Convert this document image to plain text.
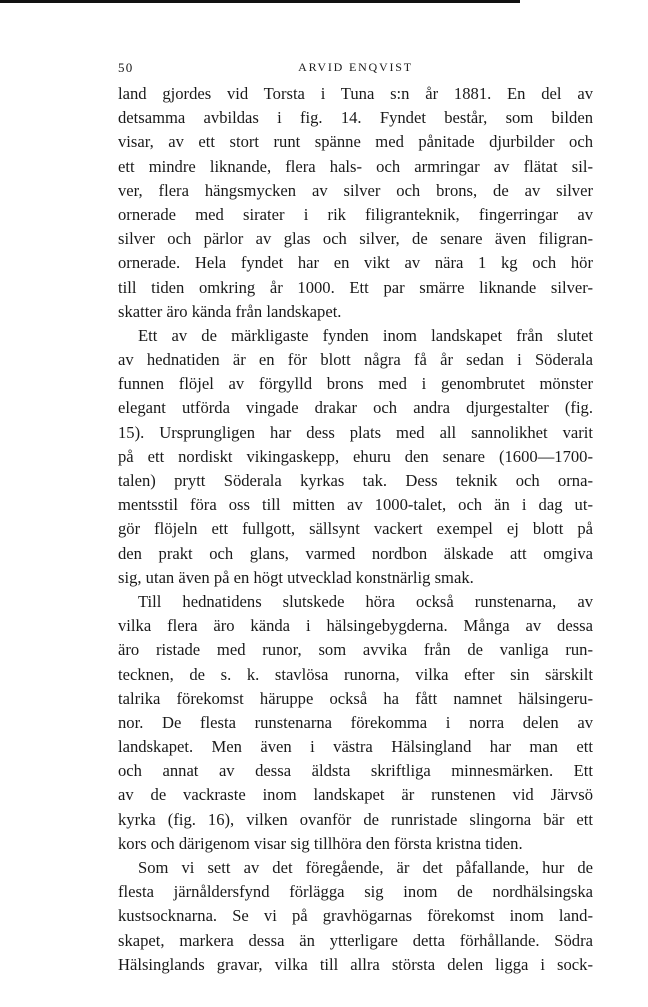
50	ARVID ENQVIST
land gjordes vid Torsta i Tuna s:n år 1881. En del av
detsamma avbildas i fig. 14. Fyndet består, som bilden
visar, av ett stort runt spänne med pånitade djurbilder och
ett mindre liknande, flera hals- och armringar av flätat sil-
ver, flera hängsmycken av silver och brons, de av silver
ornerade med sirater i rik filigranteknik, fingerringar av
silver och pärlor av glas och silver, de senare även filigran-
ornerade. Hela fyndet har en vikt av nära 1 kg och hör
till tiden omkring år 1000. Ett par smärre liknande silver-
skatter äro kända från landskapet.
Ett av de märkligaste fynden inom landskapet från slutet
av hednatiden är en för blott några få år sedan i Söderala
funnen flöjel av förgylld brons med i genombrutet mönster
elegant utförda vingade drakar och andra djurgestalter (fig.
15). Ursprungligen har dess plats med all sannolikhet varit
på ett nordiskt vikingaskepp, ehuru den senare (1600—1700-
talen) prytt Söderala kyrkas tak. Dess teknik och orna-
mentsstil föra oss till mitten av 1000-talet, och än i dag ut-
gör flöjeln ett fullgott, sällsynt vackert exempel ej blott på
den prakt och glans, varmed nordbon älskade att omgiva
sig, utan även på en högt utvecklad konstnärlig smak.
Till hednatidens slutskede höra också runstenarna, av
vilka flera äro kända i hälsingebygderna. Många av dessa
äro ristade med runor, som avvika från de vanliga run-
tecknen, de s. k. stavlösa runorna, vilka efter sin särskilt
talrika förekomst häruppe också ha fått namnet hälsingeru-
nor. De flesta runstenarna förekomma i norra delen av
landskapet. Men även i västra Hälsingland har man ett
och annat av dessa äldsta skriftliga minnesmärken. Ett
av de vackraste inom landskapet är runstenen vid Järvsö
kyrka (fig. 16), vilken ovanför de runristade slingorna bär ett
kors och därigenom visar sig tillhöra den första kristna tiden.
Som vi sett av det föregående, är det påfallande, hur de
flesta järnåldersfynd förlägga sig inom de nordhälsingska
kustsocknarna. Se vi på gravhögarnas förekomst inom land-
skapet, markera dessa än ytterligare detta förhållande. Södra
Hälsinglands gravar, vilka till allra största delen ligga i sock-
